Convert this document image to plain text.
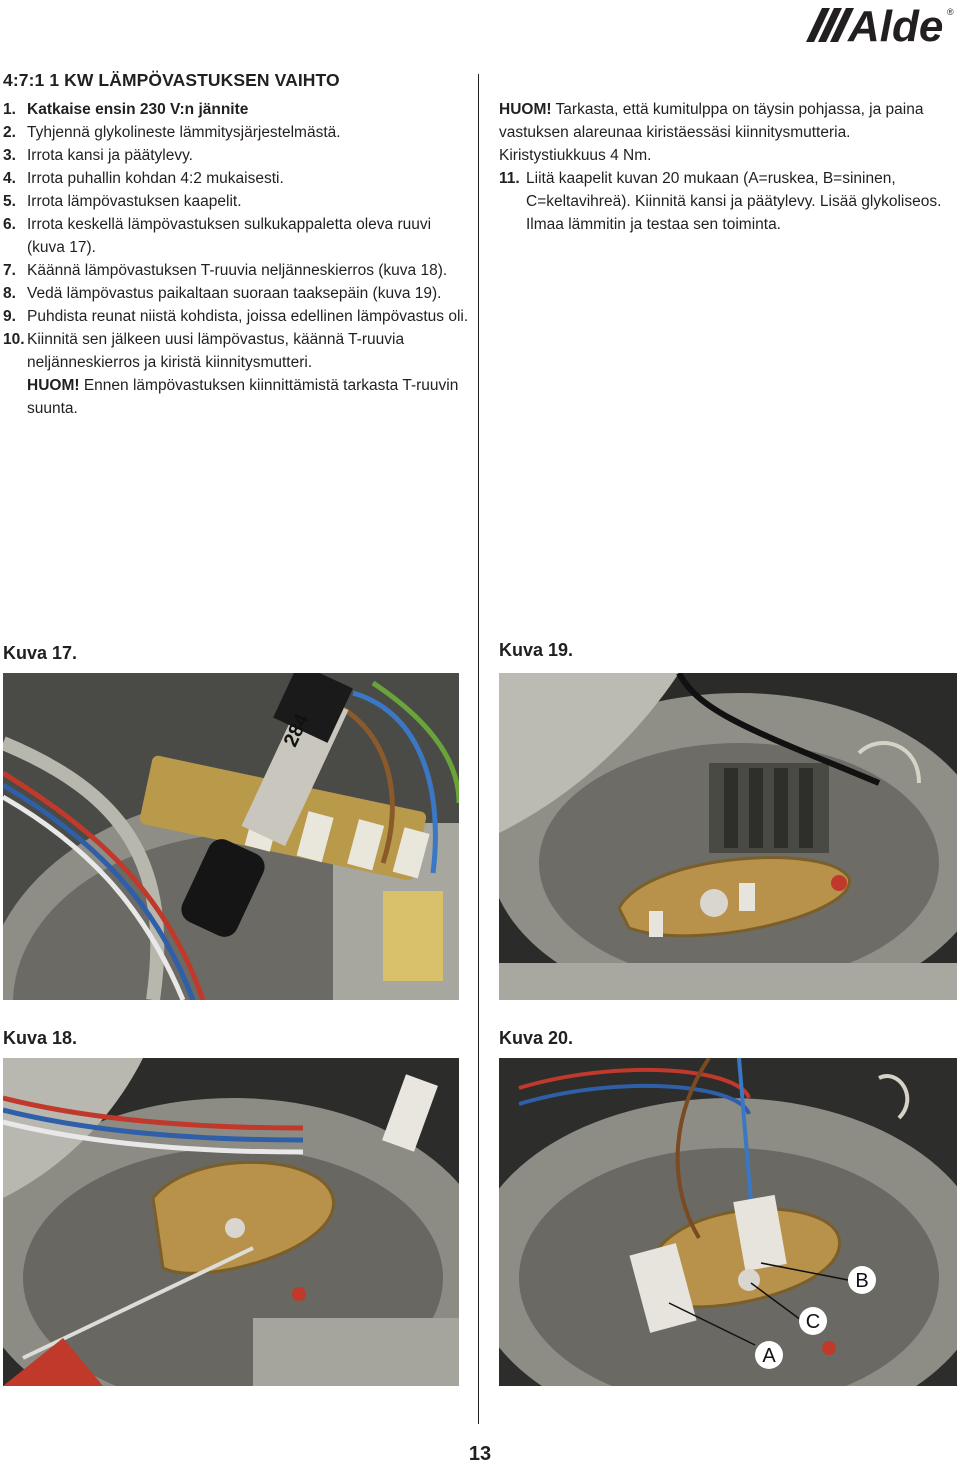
Alde ®
4:7:1 1 KW LÄMPÖVASTUKSEN VAIHTO
1. Katkaise ensin 230 V:n jännite
2. Tyhjennä glykolineste lämmitysjärjestelmästä.
3. Irrota kansi ja päätylevy.
4. Irrota puhallin kohdan 4:2 mukaisesti.
5. Irrota lämpövastuksen kaapelit.
6. Irrota keskellä lämpövastuksen sulkukappaletta oleva ruuvi (kuva 17).
7. Käännä lämpövastuksen T-ruuvia neljänneskierros (kuva 18).
8. Vedä lämpövastus paikaltaan suoraan taaksepäin (kuva 19).
9. Puhdista reunat niistä kohdista, joissa edellinen lämpövastus oli.
10. Kiinnitä sen jälkeen uusi lämpövastus, käännä T-ruuvia neljänneskierros ja kiristä kiinnitysmutteri.
HUOM! Ennen lämpövastuksen kiinnittämistä tarkasta T-ruuvin suunta.

HUOM! Tarkasta, että kumitulppa on täysin pohjassa, ja paina vastuksen alareunaa kiristäessäsi kiinnitysmutteria. Kiristystiukkuus 4 Nm.

11. Liitä kaapelit kuvan 20 mukaan (A=ruskea, B=sininen, C=keltavihreä). Kiinnitä kansi ja päätylevy. Lisää glykoliseos. Ilmaa lämmitin ja testaa sen toiminta.

Kuva 17.	Kuva 19.
Kuva 18.	Kuva 20.
284
B
C
A
13
